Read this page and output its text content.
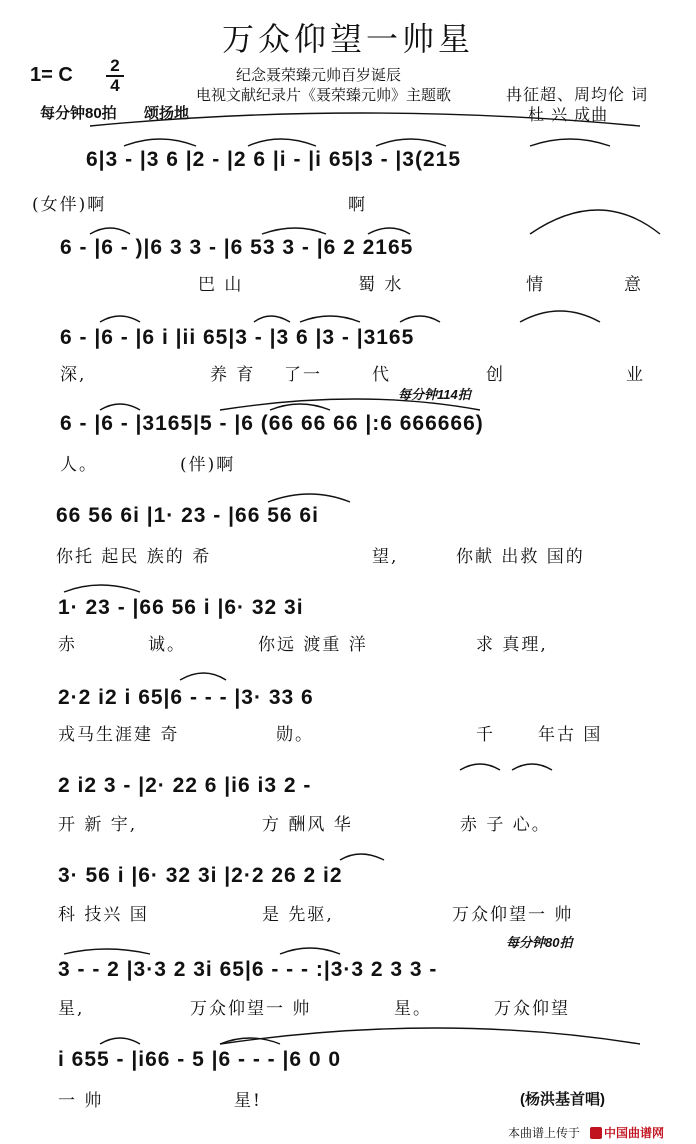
万众仰望一帅星
纪念聂荣臻元帅百岁诞辰
电视文献纪录片《聂荣臻元帅》主题歌
1= C 2
4
每分钟80拍 颂扬地
冉征超、周均伦 词
杜 兴 成曲
6|3 - |3 6 |2 - |2 6 |i - |i 65|3 - |3(215
(女伴)啊	啊
6 - |6 - )|6 3 3 - |6 53 3 - |6 2 2165
巴 山	蜀 水	情	意
6 - |6 - |6 i |ii 65|3 - |3 6 |3 - |3165
深,	养 育 了一	代	创	业
每分钟114拍
6 - |6 - |3165|5 - |6 (66 66 66 |:6 666666)
人。	(伴)啊
66 56 6i |1· 23 - |66 56 6i
你托 起民 族的 希	望,	你献 出救 国的
1· 23 - |66 56 i |6· 32 3i
赤	诚。	你远 渡重 洋	求 真理,
2·2 i2 i 65|6 - - - |3· 33 6
戎马生涯建 奇	勋。	千	年古 国
2 i2 3 - |2· 22 6 |i6 i3 2 -
开 新 宇,	方 酬风 华	赤 子 心。
3· 56 i |6· 32 3i |2·2 26 2 i2
科 技兴 国	是 先驱,	万众仰望一 帅
每分钟80拍
3 - - 2 |3·3 2 3i 65|6 - - - :|3·3 2 3 3 -
星,	万众仰望一 帅	星。	万众仰望
i 655 - |i66 - 5 |6 - - - |6 0 0
一 帅	星!	(杨洪基首唱)
本曲谱上传于	中国曲谱网
